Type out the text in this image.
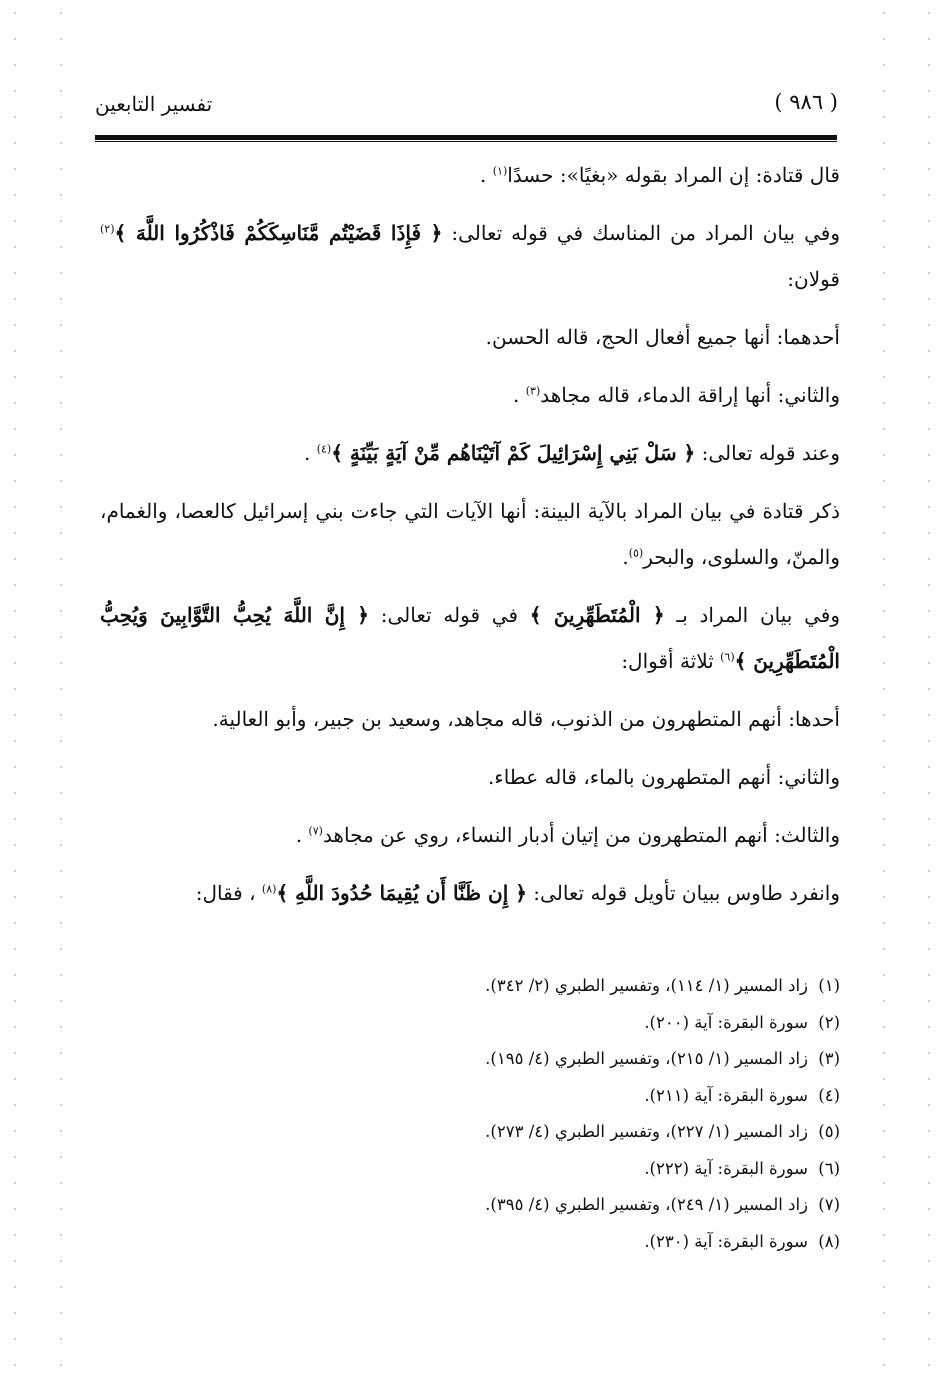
( ٩٨٦ )
تفسير التابعين

قال قتادة: إن المراد بقوله «بغيًا»: حسدًا$^{(١)}$ .

وفي بيان المراد من المناسك في قوله تعالى: ﴿ فَإِذَا قَضَيْتُم مَّنَاسِكَكُمْ فَاذْكُرُوا اللَّهَ ﴾$^{(٢)}$ قولان:

أحدهما: أنها جميع أفعال الحج، قاله الحسن.

والثاني: أنها إراقة الدماء، قاله مجاهد$^{(٣)}$ .

وعند قوله تعالى: ﴿ سَلْ بَنِي إِسْرَائِيلَ كَمْ آتَيْنَاهُم مِّنْ آيَةٍ بَيِّنَةٍ ﴾$^{(٤)}$ .

ذكر قتادة في بيان المراد بالآية البينة: أنها الآيات التي جاءت بني إسرائيل كالعصا، والغمام، والمنّ، والسلوى، والبحر$^{(٥)}$.

وفي بيان المراد بـ ﴿ الْمُتَطَهِّرِينَ ﴾ في قوله تعالى: ﴿ إِنَّ اللَّهَ يُحِبُّ التَّوَّابِينَ وَيُحِبُّ الْمُتَطَهِّرِينَ ﴾$^{(٦)}$ ثلاثة أقوال:

أحدها: أنهم المتطهرون من الذنوب، قاله مجاهد، وسعيد بن جبير، وأبو العالية.

والثاني: أنهم المتطهرون بالماء، قاله عطاء.

والثالث: أنهم المتطهرون من إتيان أدبار النساء، روي عن مجاهد$^{(٧)}$ .

وانفرد طاوس ببيان تأويل قوله تعالى: ﴿ إِن ظَنَّا أَن يُقِيمَا حُدُودَ اللَّهِ ﴾$^{(٨)}$ ، فقال:

(١)زاد المسير (١/ ١١٤)، وتفسير الطبري (٢/ ٣٤٢).

(٢)سورة البقرة: آية (٢٠٠).

(٣)زاد المسير (١/ ٢١٥)، وتفسير الطبري (٤/ ١٩٥).

(٤)سورة البقرة: آية (٢١١).

(٥)زاد المسير (١/ ٢٢٧)، وتفسير الطبري (٤/ ٢٧٣).

(٦)سورة البقرة: آية (٢٢٢).

(٧)زاد المسير (١/ ٢٤٩)، وتفسير الطبري (٤/ ٣٩٥).

(٨)سورة البقرة: آية (٢٣٠).
